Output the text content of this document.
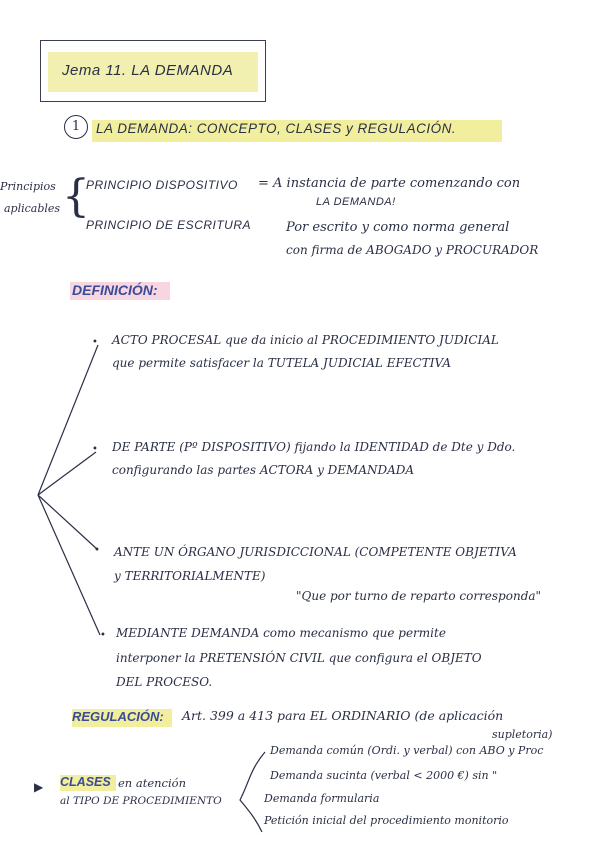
Jema 11. LA DEMANDA
1	LA DEMANDA: CONCEPTO, CLASES y REGULACIÓN.
Principios
aplicables {
PRINCIPIO DISPOSITIVO = A instancia de parte comenzando con
LA DEMANDA!
PRINCIPIO DE ESCRITURA	Por escrito y como norma general
con firma de ABOGADO y PROCURADOR
DEFINICIÓN:
• ACTO PROCESAL que da inicio al PROCEDIMIENTO JUDICIAL
que permite satisfacer la TUTELA JUDICIAL EFECTIVA
• DE PARTE (Pº DISPOSITIVO) fijando la IDENTIDAD de Dte y Ddo.
configurando las partes ACTORA y DEMANDADA
• ANTE UN ÓRGANO JURISDICCIONAL (COMPETENTE OBJETIVA
y TERRITORIALMENTE)
"Que por turno de reparto corresponda"
• MEDIANTE DEMANDA como mecanismo que permite
interponer la PRETENSIÓN CIVIL que configura el OBJETO
DEL PROCESO.
REGULACIÓN: Art. 399 a 413 para EL ORDINARIO (de aplicación
supletoria)
▶ CLASES en atención
al TIPO DE PROCEDIMIENTO
Demanda común (Ordi. y verbal) con ABO y Proc
Demanda sucinta (verbal < 2000 €) sin "
Demanda formularia
Petición inicial del procedimiento monitorio
